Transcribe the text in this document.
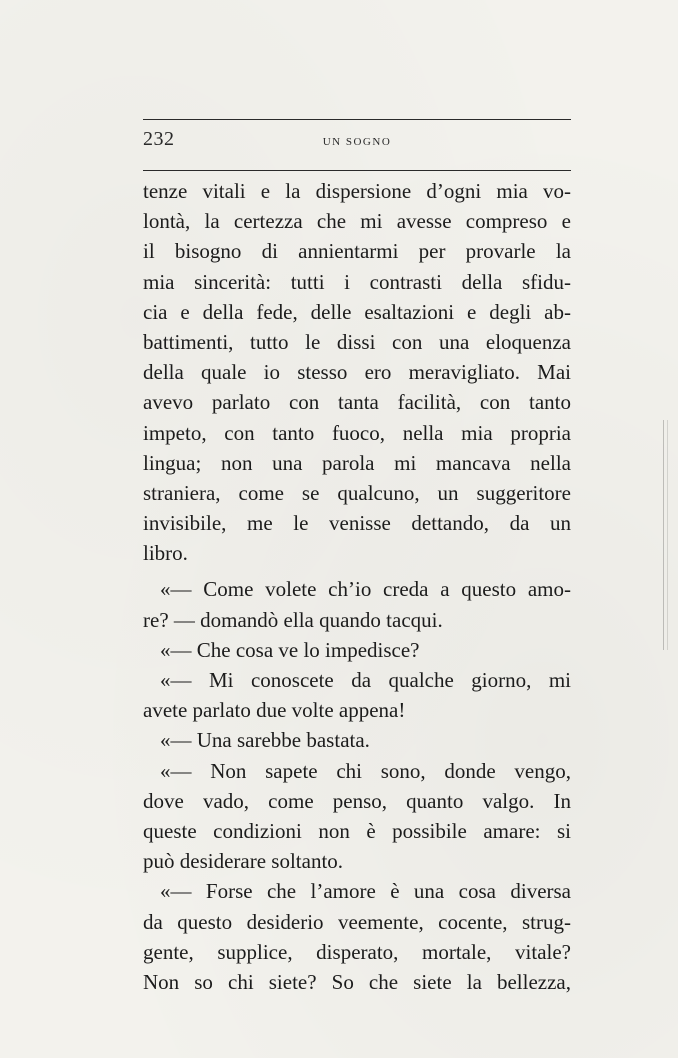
232	UN SOGNO
tenze vitali e la dispersione d’ogni mia vo-
lontà, la certezza che mi avesse compreso e
il bisogno di annientarmi per provarle la
mia sincerità: tutti i contrasti della sfidu-
cia e della fede, delle esaltazioni e degli ab-
battimenti, tutto le dissi con una eloquenza
della quale io stesso ero meravigliato. Mai
avevo parlato con tanta facilità, con tanto
impeto, con tanto fuoco, nella mia propria
lingua; non una parola mi mancava nella
straniera, come se qualcuno, un suggeritore
invisibile, me le venisse dettando, da un
libro.
«— Come volete ch’io creda a questo amo-
re? — domandò ella quando tacqui.
«— Che cosa ve lo impedisce?
«— Mi conoscete da qualche giorno, mi
avete parlato due volte appena!
«— Una sarebbe bastata.
«— Non sapete chi sono, donde vengo,
dove vado, come penso, quanto valgo. In
queste condizioni non è possibile amare: si
può desiderare soltanto.
«— Forse che l’amore è una cosa diversa
da questo desiderio veemente, cocente, strug-
gente, supplice, disperato, mortale, vitale?
Non so chi siete? So che siete la bellezza,
